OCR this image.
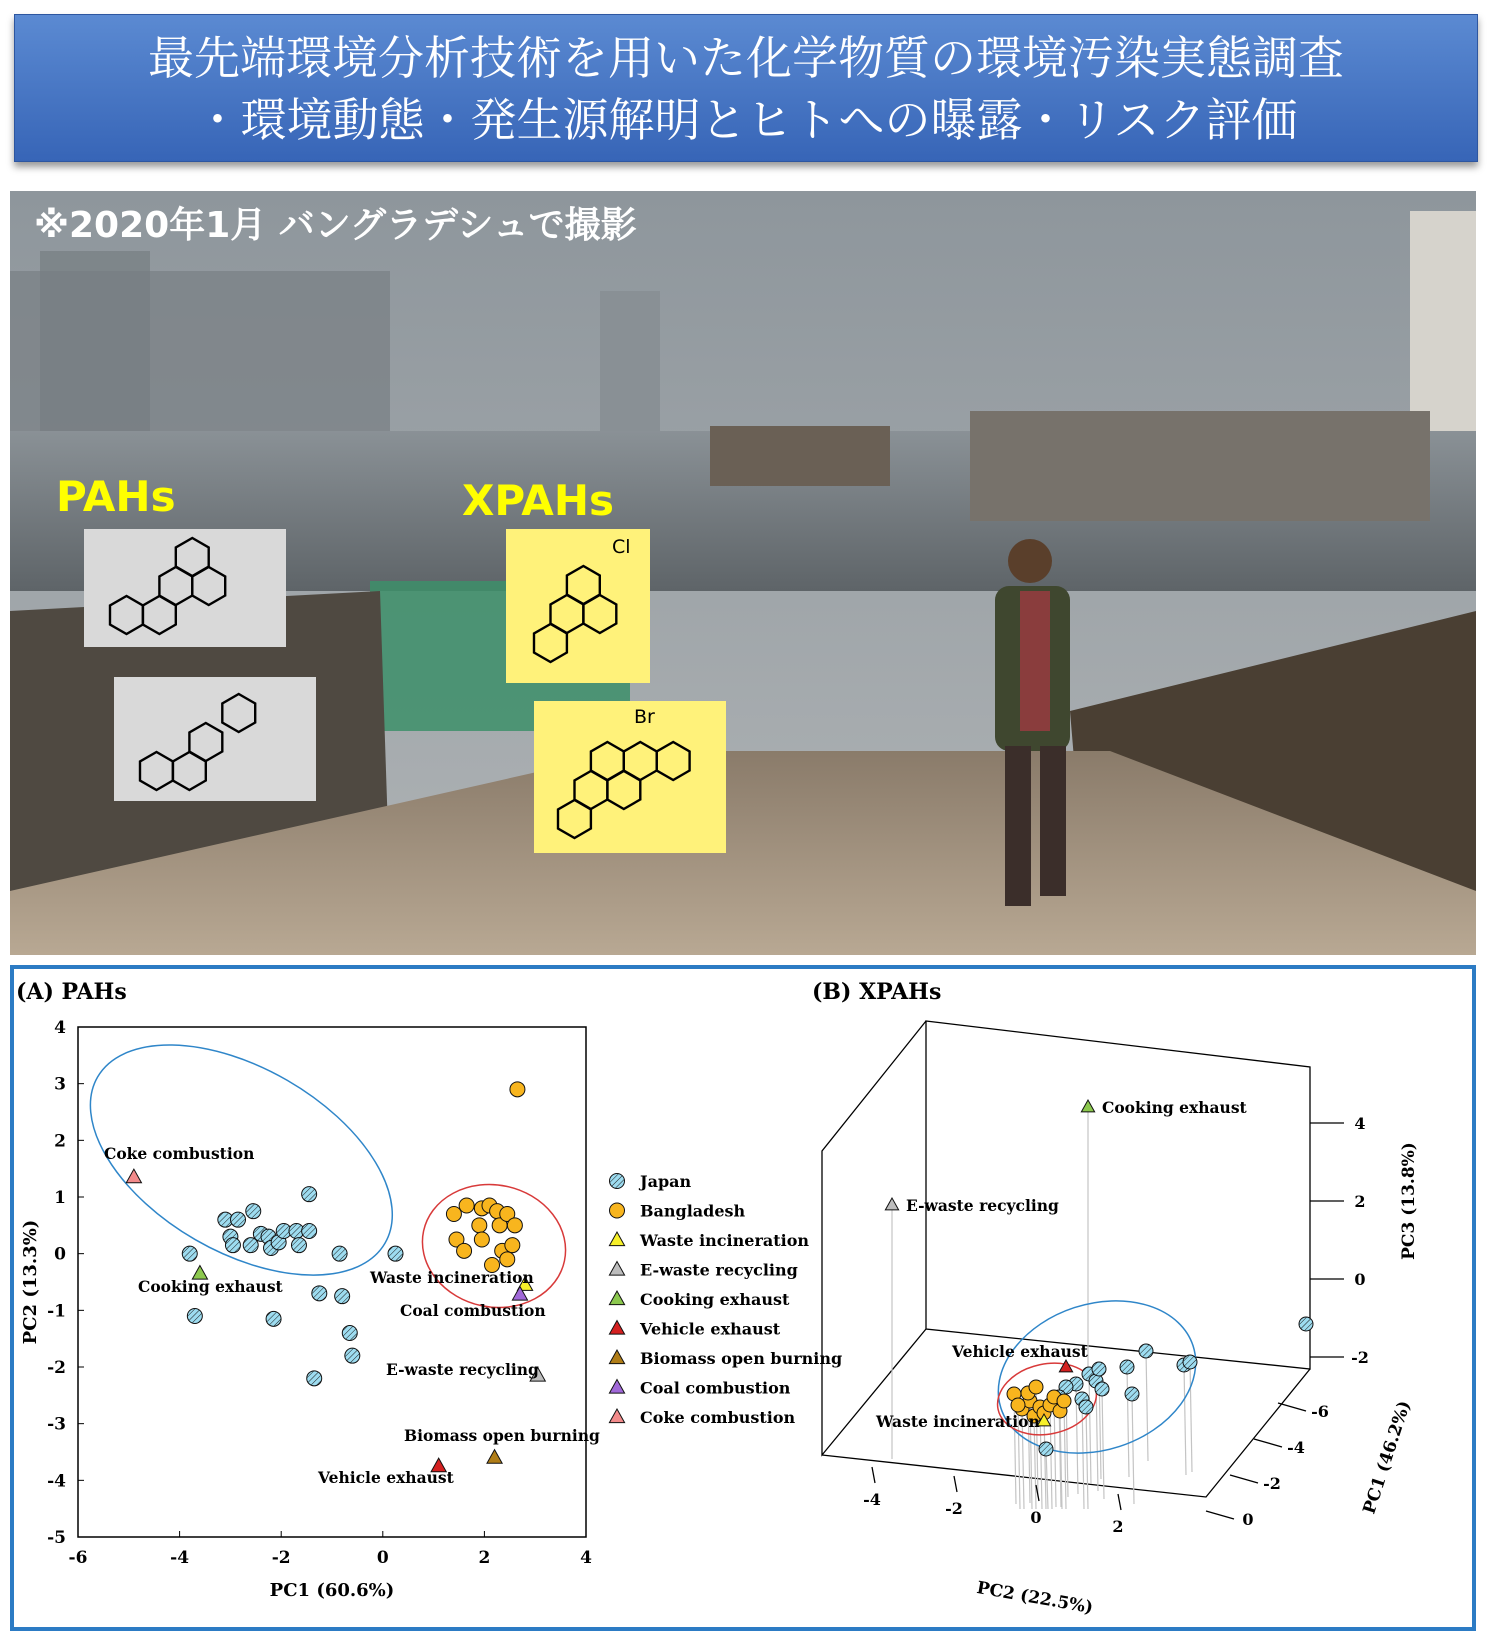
最先端環境分析技術を用いた化学物質の環境汚染実態調査
・環境動態・発生源解明とヒトへの曝露・リスク評価
※2020年1月 バングラデシュで撮影
PAHs	XPAHs
Cl
Br
(A) PAHs	(B) XPAHs
-6	-4	-2	0	2	4
4
3
2
1
0
-1
-2
-3
-4
-5
Coke combustion
Cooking exhaust	Waste incineration
Coal combustion
E-waste recycling
Biomass open burning
Vehicle exhaust
PC1 (60.6%)
PC2 (13.3%)
Japan
Bangladesh
Waste incineration
E-waste recycling
Cooking exhaust
Vehicle exhaust
Biomass open burning
Coal combustion
Coke combustion
4
2
0
-2
-6
-4
-2
0
-4	-2	0	2
Cooking exhaust
E-waste recycling
Vehicle exhaust
Waste incineration
PC2 (22.5%)
PC1 (46.2%)
PC3 (13.8%)
